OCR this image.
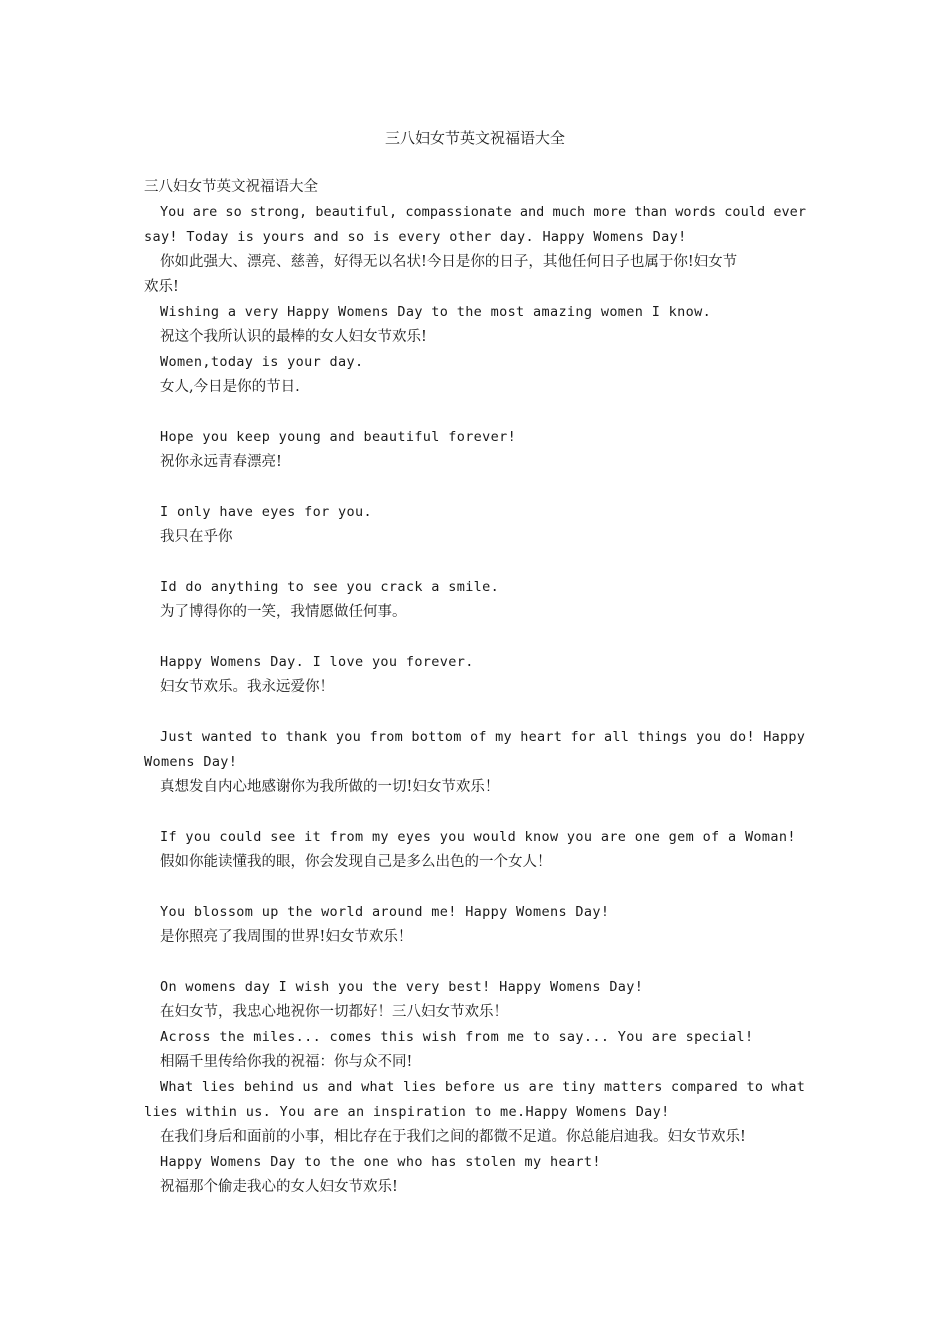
三八妇女节英文祝福语大全
三八妇女节英文祝福语大全
You are so strong, beautiful, compassionate and much more than words could ever
say! Today is yours and so is every other day. Happy Womens Day!
你如此强大、漂亮、慈善，好得无以名状!今日是你的日子，其他任何日子也属于你!妇女节
欢乐!
Wishing a very Happy Womens Day to the most amazing women I know.
祝这个我所认识的最棒的女人妇女节欢乐!
Women,today is your day.
女人,今日是你的节日.
Hope you keep young and beautiful forever!
祝你永远青春漂亮!
I only have eyes for you.
我只在乎你
Id do anything to see you crack a smile.
为了博得你的一笑，我情愿做任何事。
Happy Womens Day. I love you forever.
妇女节欢乐。我永远爱你！
Just wanted to thank you from bottom of my heart for all things you do! Happy
Womens Day!
真想发自内心地感谢你为我所做的一切!妇女节欢乐！
If you could see it from my eyes you would know you are one gem of a Woman!
假如你能读懂我的眼，你会发现自己是多么出色的一个女人！
You blossom up the world around me! Happy Womens Day!
是你照亮了我周围的世界!妇女节欢乐！
On womens day I wish you the very best! Happy Womens Day!
在妇女节，我忠心地祝你一切都好！三八妇女节欢乐！
Across the miles... comes this wish from me to say... You are special!
相隔千里传给你我的祝福：你与众不同!
What lies behind us and what lies before us are tiny matters compared to what
lies within us. You are an inspiration to me.Happy Womens Day!
在我们身后和面前的小事，相比存在于我们之间的都微不足道。你总能启迪我。妇女节欢乐!
Happy Womens Day to the one who has stolen my heart!
祝福那个偷走我心的女人妇女节欢乐!
